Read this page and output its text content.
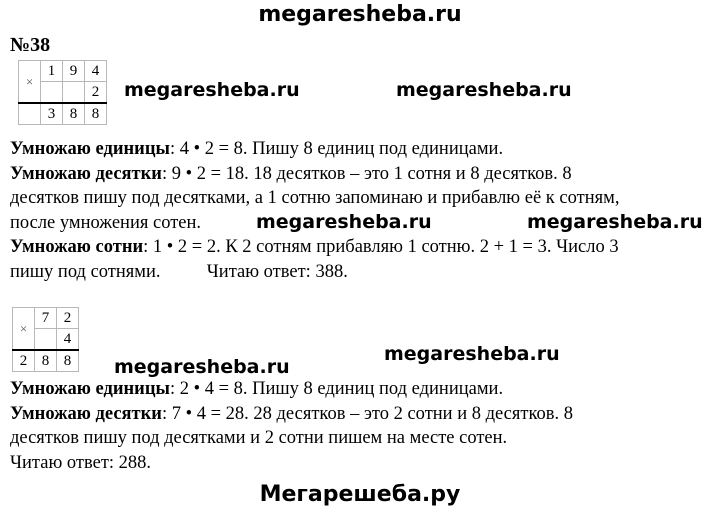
megaresheba.ru
№38
×	1	9	4
			2
	3	8	8
megaresheba.ru	megaresheba.ru
Умножаю единицы: 4 • 2 = 8. Пишу 8 единиц под единицами.
Умножаю десятки: 9 • 2 = 18. 18 десятков – это 1 сотня и 8 десятков. 8
десятков пишу под десятками, а 1 сотню запоминаю и прибавлю её к сотням,
после умножения сотен.
Умножаю сотни: 1 • 2 = 2. К 2 сотням прибавляю 1 сотню. 2 + 1 = 3. Число 3
пишу под сотнями.          Читаю ответ: 388.
megaresheba.ru	megaresheba.ru
×	7	2
		4
2	8	8 megaresheba.ru
megaresheba.ru
Умножаю единицы: 2 • 4 = 8. Пишу 8 единиц под единицами.
Умножаю десятки: 7 • 4 = 28. 28 десятков – это 2 сотни и 8 десятков. 8
десятков пишу под десятками и 2 сотни пишем на месте сотен.
Читаю ответ: 288.
Мегарешеба.ру
